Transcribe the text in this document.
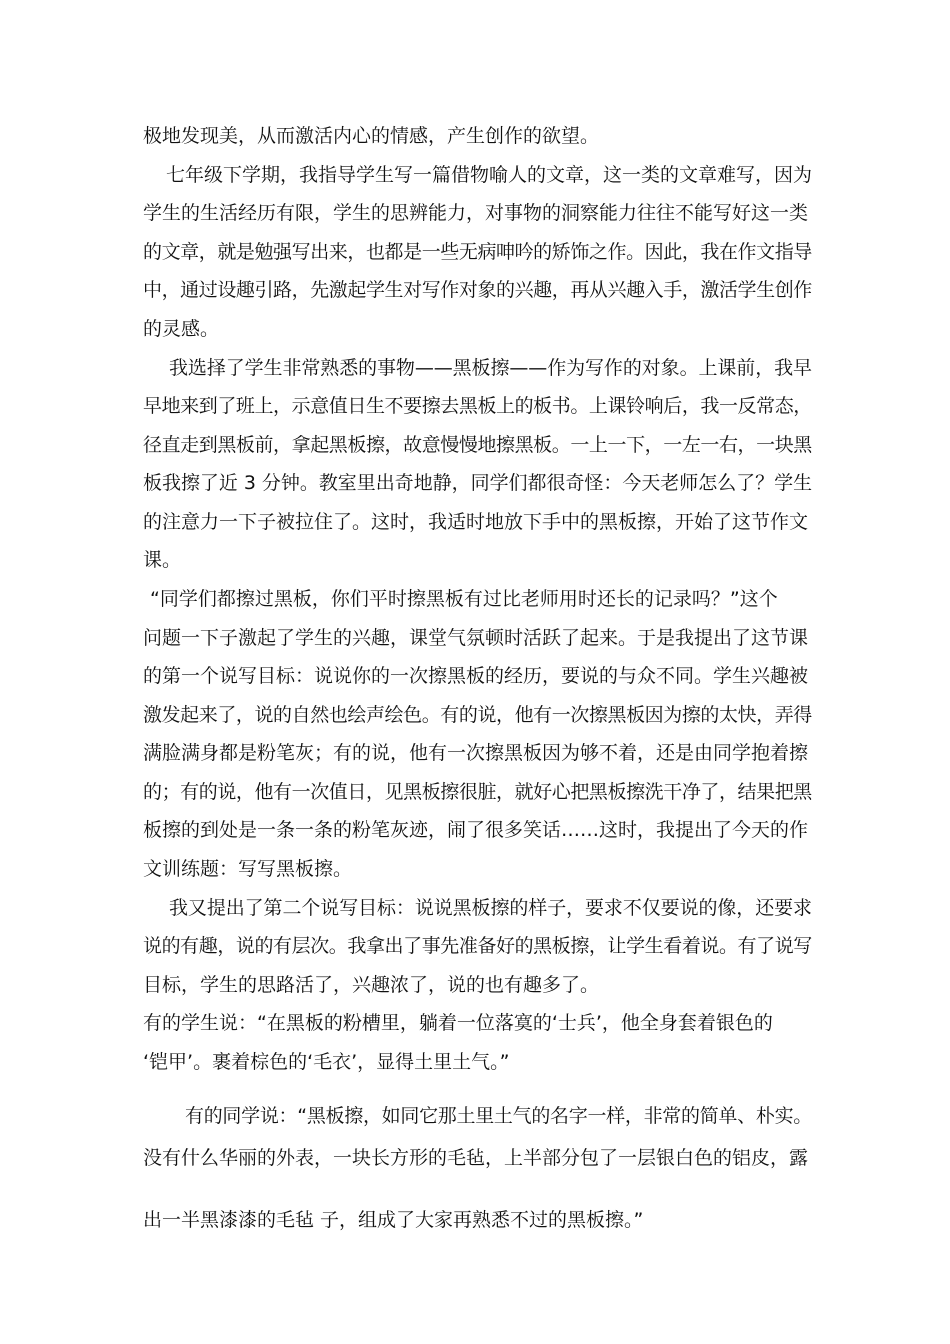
极地发现美，从而激活内心的情感，产生创作的欲望。
七年级下学期，我指导学生写一篇借物喻人的文章，这一类的文章难写，因为
学生的生活经历有限，学生的思辨能力，对事物的洞察能力往往不能写好这一类
的文章，就是勉强写出来，也都是一些无病呻吟的矫饰之作。因此，我在作文指导
中，通过设趣引路，先激起学生对写作对象的兴趣，再从兴趣入手，激活学生创作
的灵感。
我选择了学生非常熟悉的事物——黑板擦——作为写作的对象。上课前，我早
早地来到了班上，示意值日生不要擦去黑板上的板书。上课铃响后，我一反常态，
径直走到黑板前，拿起黑板擦，故意慢慢地擦黑板。一上一下，一左一右，一块黑
板我擦了近 3 分钟。教室里出奇地静，同学们都很奇怪：今天老师怎么了？学生
的注意力一下子被拉住了。这时，我适时地放下手中的黑板擦，开始了这节作文
课。
“同学们都擦过黑板，你们平时擦黑板有过比老师用时还长的记录吗？”这个
问题一下子激起了学生的兴趣，课堂气氛顿时活跃了起来。于是我提出了这节课
的第一个说写目标：说说你的一次擦黑板的经历，要说的与众不同。学生兴趣被
激发起来了，说的自然也绘声绘色。有的说，他有一次擦黑板因为擦的太快，弄得
满脸满身都是粉笔灰；有的说，他有一次擦黑板因为够不着，还是由同学抱着擦
的；有的说，他有一次值日，见黑板擦很脏，就好心把黑板擦洗干净了，结果把黑
板擦的到处是一条一条的粉笔灰迹，闹了很多笑话……这时，我提出了今天的作
文训练题：写写黑板擦。
我又提出了第二个说写目标：说说黑板擦的样子，要求不仅要说的像，还要求
说的有趣，说的有层次。我拿出了事先准备好的黑板擦，让学生看着说。有了说写
目标，学生的思路活了，兴趣浓了，说的也有趣多了。
有的学生说：“在黑板的粉槽里，躺着一位落寞的‘士兵’，他全身套着银色的
‘铠甲’。裹着棕色的‘毛衣’，显得土里土气。”
有的同学说：“黑板擦，如同它那土里土气的名字一样，非常的简单、朴实。
没有什么华丽的外表，一块长方形的毛毡，上半部分包了一层银白色的铝皮，露
出一半黑漆漆的毛毡 子，组成了大家再熟悉不过的黑板擦。”
